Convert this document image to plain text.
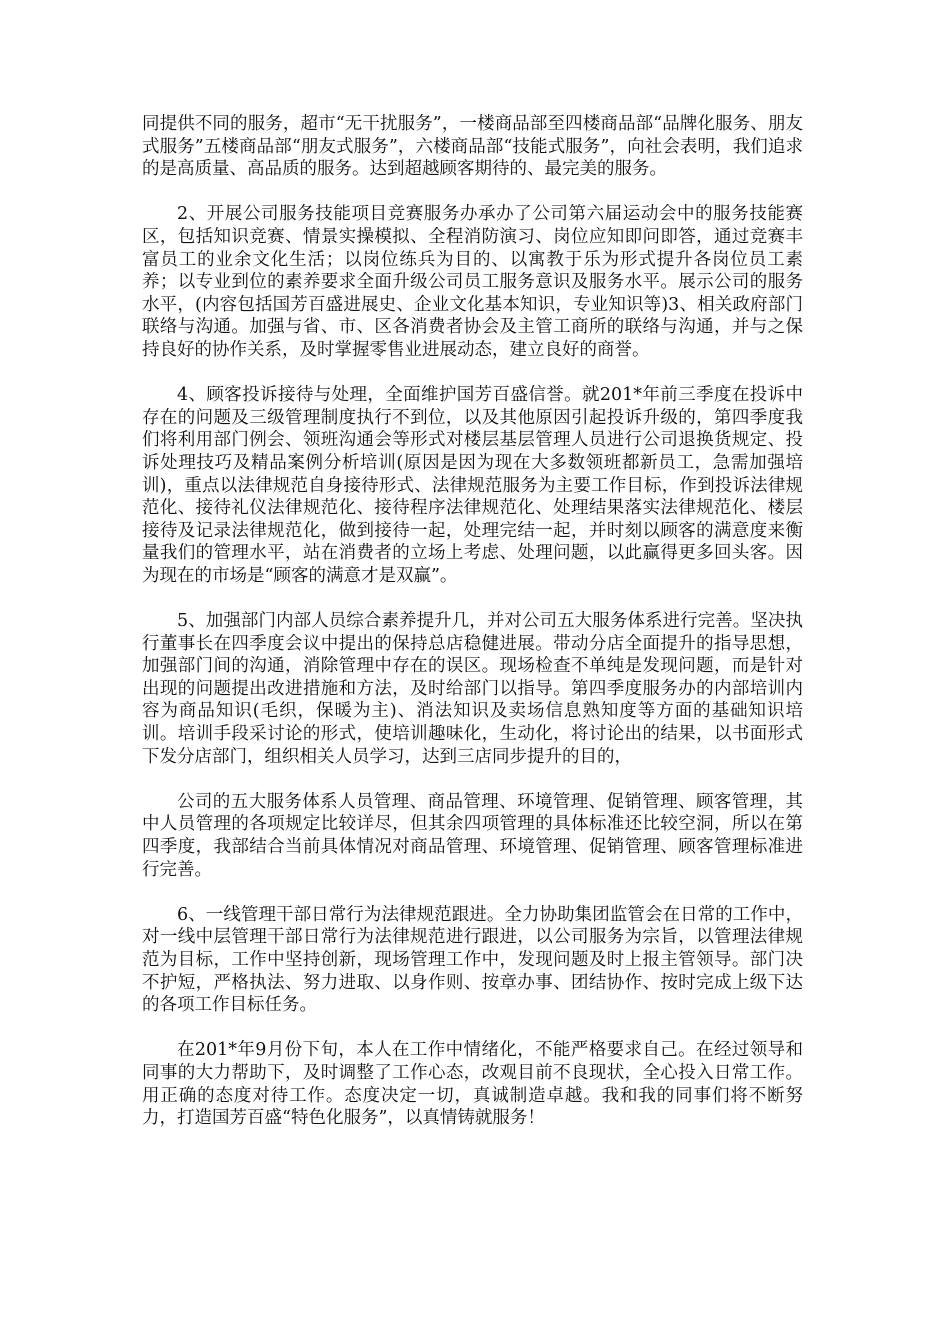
同提供不同的服务，超市“无干扰服务”，一楼商品部至四楼商品部“品牌化服务、朋友式服务”五楼商品部“朋友式服务”，六楼商品部“技能式服务”，向社会表明，我们追求的是高质量、高品质的服务。达到超越顾客期待的、最完美的服务。

2、开展公司服务技能项目竞赛服务办承办了公司第六届运动会中的服务技能赛区，包括知识竞赛、情景实操模拟、全程消防演习、岗位应知即问即答，通过竞赛丰富员工的业余文化生活；以岗位练兵为目的、以寓教于乐为形式提升各岗位员工素养；以专业到位的素养要求全面升级公司员工服务意识及服务水平。展示公司的服务水平，(内容包括国芳百盛进展史、企业文化基本知识，专业知识等)3、相关政府部门联络与沟通。加强与省、市、区各消费者协会及主管工商所的联络与沟通，并与之保持良好的协作关系，及时掌握零售业进展动态，建立良好的商誉。

4、顾客投诉接待与处理，全面维护国芳百盛信誉。就201*年前三季度在投诉中存在的问题及三级管理制度执行不到位，以及其他原因引起投诉升级的，第四季度我们将利用部门例会、领班沟通会等形式对楼层基层管理人员进行公司退换货规定、投诉处理技巧及精品案例分析培训(原因是因为现在大多数领班都新员工，急需加强培训)，重点以法律规范自身接待形式、法律规范服务为主要工作目标，作到投诉法律规范化、接待礼仪法律规范化、接待程序法律规范化、处理结果落实法律规范化、楼层接待及记录法律规范化，做到接待一起，处理完结一起，并时刻以顾客的满意度来衡量我们的管理水平，站在消费者的立场上考虑、处理问题，以此赢得更多回头客。因为现在的市场是“顾客的满意才是双赢”。

5、加强部门内部人员综合素养提升几，并对公司五大服务体系进行完善。坚决执行董事长在四季度会议中提出的保持总店稳健进展。带动分店全面提升的指导思想，加强部门间的沟通，消除管理中存在的误区。现场检查不单纯是发现问题，而是针对出现的问题提出改进措施和方法，及时给部门以指导。第四季度服务办的内部培训内容为商品知识(毛织，保暖为主)、消法知识及卖场信息熟知度等方面的基础知识培训。培训手段采讨论的形式，使培训趣味化，生动化，将讨论出的结果，以书面形式下发分店部门，组织相关人员学习，达到三店同步提升的目的，

公司的五大服务体系人员管理、商品管理、环境管理、促销管理、顾客管理，其中人员管理的各项规定比较详尽，但其余四项管理的具体标准还比较空洞，所以在第四季度，我部结合当前具体情况对商品管理、环境管理、促销管理、顾客管理标准进行完善。

6、一线管理干部日常行为法律规范跟进。全力协助集团监管会在日常的工作中，对一线中层管理干部日常行为法律规范进行跟进，以公司服务为宗旨，以管理法律规范为目标，工作中坚持创新，现场管理工作中，发现问题及时上报主管领导。部门决不护短，严格执法、努力进取、以身作则、按章办事、团结协作、按时完成上级下达的各项工作目标任务。

在201*年9月份下旬，本人在工作中情绪化，不能严格要求自己。在经过领导和同事的大力帮助下，及时调整了工作心态，改观目前不良现状，全心投入日常工作。用正确的态度对待工作。态度决定一切，真诚制造卓越。我和我的同事们将不断努力，打造国芳百盛“特色化服务”，以真情铸就服务！
